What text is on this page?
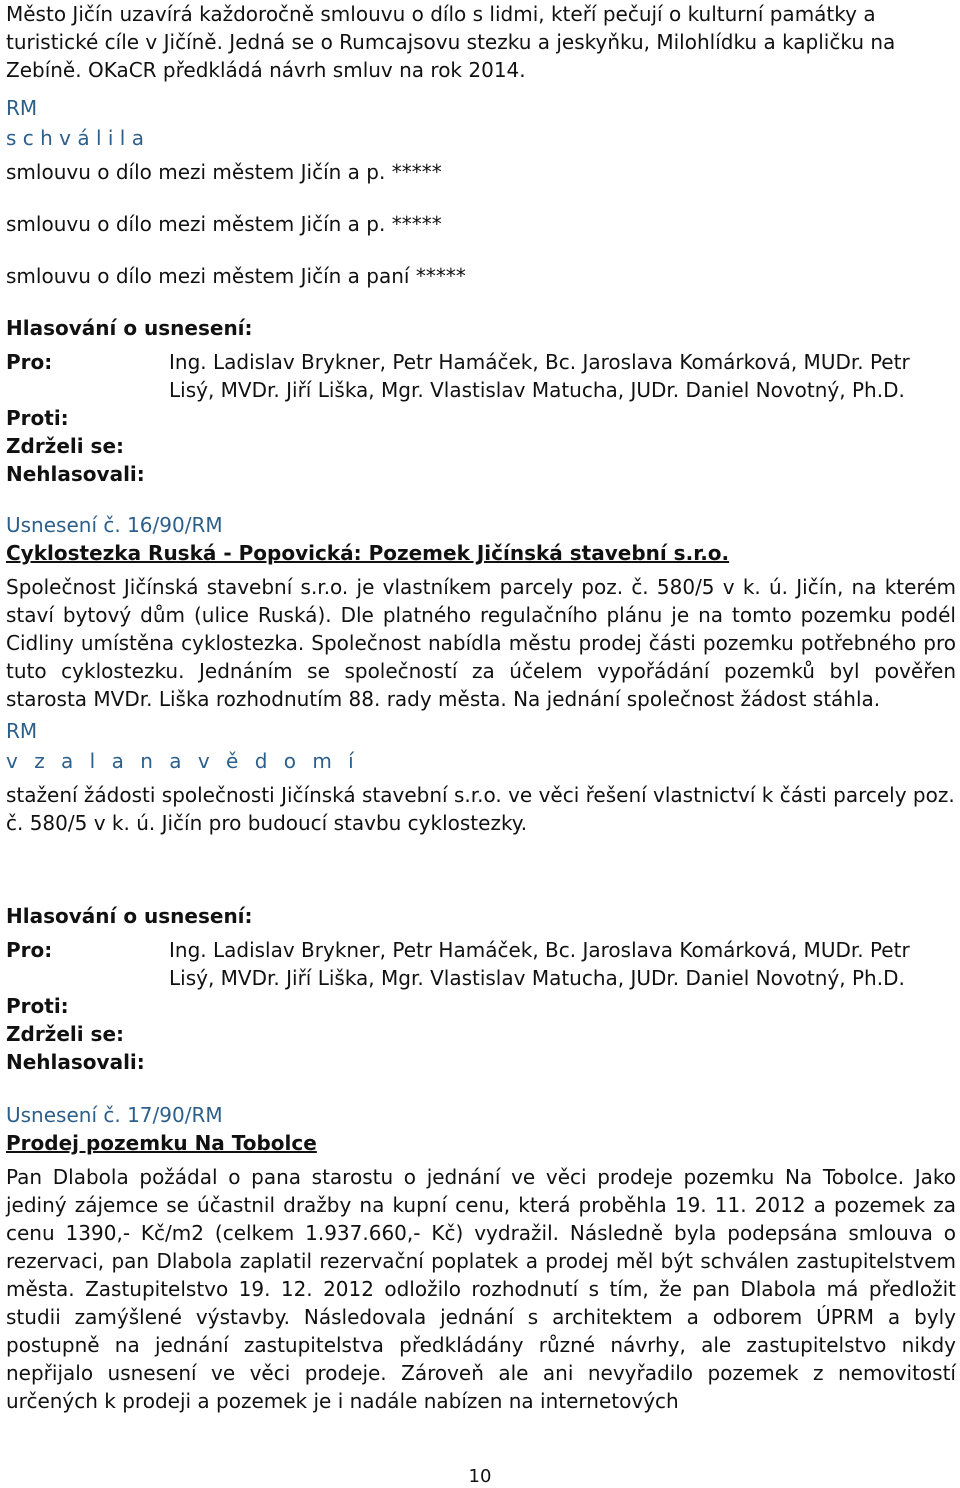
Město Jičín uzavírá každoročně smlouvu o dílo s lidmi, kteří pečují o kulturní památky a turistické cíle v Jičíně. Jedná se o Rumcajsovu stezku a jeskyňku, Milohlídku a kapličku na Zebíně. OKaCR předkládá návrh smluv na rok 2014.

RM

s c h v á l i l a

smlouvu o dílo mezi městem Jičín a p. *****

smlouvu o dílo mezi městem Jičín a p. *****

smlouvu o dílo mezi městem Jičín a paní *****

Hlasování o usnesení:

Pro:	Ing. Ladislav Brykner, Petr Hamáček, Bc. Jaroslava Komárková, MUDr. Petr Lisý, MVDr. Jiří Liška, Mgr. Vlastislav Matucha, JUDr. Daniel Novotný, Ph.D.
Proti:
Zdrželi se:
Nehlasovali:

Usnesení č. 16/90/RM

Cyklostezka Ruská - Popovická: Pozemek Jičínská stavební s.r.o.

Společnost Jičínská stavební s.r.o. je vlastníkem parcely poz. č. 580/5 v k. ú. Jičín, na kterém staví bytový dům (ulice Ruská). Dle platného regulačního plánu je na tomto pozemku podél Cidliny umístěna cyklostezka. Společnost nabídla městu prodej části pozemku potřebného pro tuto cyklostezku. Jednáním se společností za účelem vypořádání pozemků byl pověřen starosta MVDr. Liška rozhodnutím 88. rady města. Na jednání společnost žádost stáhla.

RM

v z a l a n a v ě d o m í

stažení žádosti společnosti Jičínská stavební s.r.o. ve věci řešení vlastnictví k části parcely poz. č. 580/5 v k. ú. Jičín pro budoucí stavbu cyklostezky.

Hlasování o usnesení:

Pro:	Ing. Ladislav Brykner, Petr Hamáček, Bc. Jaroslava Komárková, MUDr. Petr Lisý, MVDr. Jiří Liška, Mgr. Vlastislav Matucha, JUDr. Daniel Novotný, Ph.D.
Proti:
Zdrželi se:
Nehlasovali:

Usnesení č. 17/90/RM

Prodej pozemku Na Tobolce

Pan Dlabola požádal o pana starostu o jednání ve věci prodeje pozemku Na Tobolce. Jako jediný zájemce se účastnil dražby na kupní cenu, která proběhla 19. 11. 2012 a pozemek za cenu 1390,- Kč/m2 (celkem 1.937.660,- Kč) vydražil. Následně byla podepsána smlouva o rezervaci, pan Dlabola zaplatil rezervační poplatek a prodej měl být schválen zastupitelstvem města. Zastupitelstvo 19. 12. 2012 odložilo rozhodnutí s tím, že pan Dlabola má předložit studii zamýšlené výstavby. Následovala jednání s architektem a odborem ÚPRM a byly postupně na jednání zastupitelstva předkládány různé návrhy, ale zastupitelstvo nikdy nepřijalo usnesení ve věci prodeje. Zároveň ale ani nevyřadilo pozemek z nemovitostí určených k prodeji a pozemek je i nadále nabízen na internetových

10
